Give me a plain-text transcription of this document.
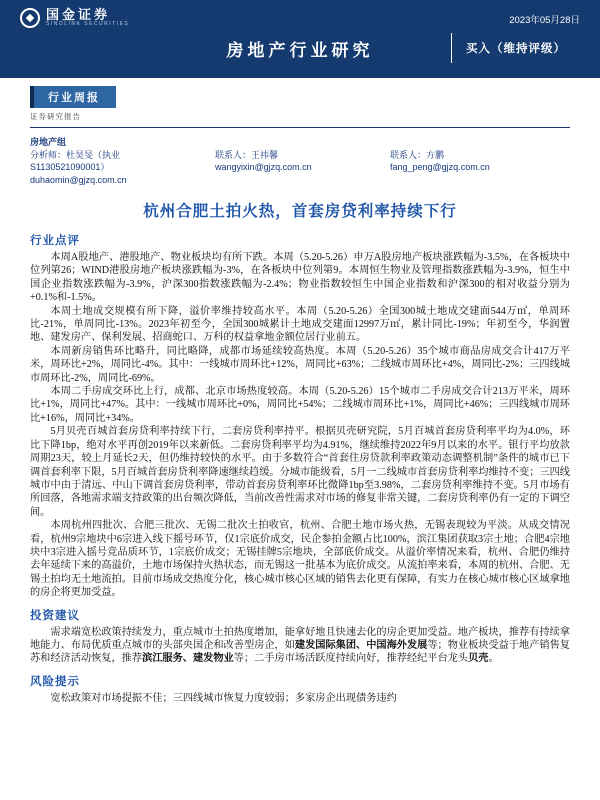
国金证券
SINOLINK SECURITIES	2023年05月28日
房地产行业研究	买入（维持评级）
行业周报
证券研究报告
房地产组
分析师：杜昊旻（执业 S1130521090001）
duhaomin@gjzq.com.cn
联系人：王祎馨
wangyixin@gjzq.com.cn
联系人：方鹏
fang_peng@gjzq.com.cn
杭州合肥土拍火热，首套房贷利率持续下行
行业点评

本周A股地产、港股地产、物业板块均有所下跌。本周（5.20-5.26）申万A股房地产板块涨跌幅为-3.5%，在各板块中位列第26；WIND港股房地产板块涨跌幅为-3%，在各板块中位列第9。本周恒生物业及管理指数涨跌幅为-3.9%，恒生中国企业指数涨跌幅为-3.9%，沪深300指数涨跌幅为-2.4%；物业指数较恒生中国企业指数和沪深300的相对收益分别为+0.1%和-1.5%。

本周土地成交规模有所下降，溢价率维持较高水平。本周（5.20-5.26）全国300城土地成交建面544万㎡，单周环比-21%，单周同比-13%。2023年初至今，全国300城累计土地成交建面12997万㎡，累计同比-19%；年初至今，华润置地、建发房产、保利发展、招商蛇口、万科的权益拿地金额位居行业前五。

本周新房销售环比略升，同比略降，成都市场延续较高热度。本周（5.20-5.26）35个城市商品房成交合计417万平米，周环比+2%，周同比-4%。其中：一线城市周环比+12%，周同比+63%；二线城市周环比+4%，周同比-2%；三四线城市周环比-2%，周同比-69%。

本周二手房成交环比上行，成都、北京市场热度较高。本周（5.20-5.26）15个城市二手房成交合计213万平米，周环比+1%，周同比+47%。其中：一线城市周环比+0%，周同比+54%；二线城市周环比+1%，周同比+46%；三四线城市周环比+16%，周同比+34%。

5月贝壳百城首套房贷利率持续下行，二套房贷利率持平。根据贝壳研究院，5月百城首套房贷利率平均为4.0%，环比下降1bp，绝对水平再创2019年以来新低。二套房贷利率平均为4.91%，继续维持2022年9月以来的水平。银行平均放款周期23天，较上月延长2天，但仍维持较快的水平。由于多数符合“首套住房贷款利率政策动态调整机制”条件的城市已下调首套利率下限，5月百城首套房贷利率降速继续趋缓。分城市能级看，5月一二线城市首套房贷利率均维持不变；三四线城市中由于清远、中山下调首套房贷利率，带动首套房贷利率环比微降1bp至3.98%，二套房贷利率维持不变。5月市场有所回落，各地需求端支持政策的出台频次降低，当前改善性需求对市场的修复非常关键，二套房贷利率仍有一定的下调空间。

本周杭州四批次、合肥三批次、无锡二批次土拍收官，杭州、合肥土地市场火热，无锡表现较为平淡。从成交情况看，杭州9宗地块中6宗进入线下摇号环节，仅1宗底价成交，民企参拍金额占比100%，滨江集团获取3宗土地；合肥4宗地块中3宗进入摇号竞品质环节，1宗底价成交；无锡挂牌5宗地块，全部底价成交。从溢价率情况来看，杭州、合肥仍维持去年延续下来的高溢价，土地市场保持火热状态，而无锡这一批基本为底价成交。从流拍率来看，本周的杭州、合肥、无锡土拍均无土地流拍。目前市场成交热度分化，核心城市核心区域的销售去化更有保障，有实力在核心城市核心区域拿地的房企将更加受益。

投资建议

需求端宽松政策持续发力，重点城市土拍热度增加，能拿好地且快速去化的房企更加受益。地产板块，推荐有持续拿地能力、布局优质重点城市的头部央国企和改善型房企，如建发国际集团、中国海外发展等；物业板块受益于地产销售复苏和经济活动恢复，推荐滨江服务、建发物业等；二手房市场活跃度持续向好，推荐经纪平台龙头贝壳。

风险提示

宽松政策对市场提振不佳；三四线城市恢复力度较弱；多家房企出现债务违约
